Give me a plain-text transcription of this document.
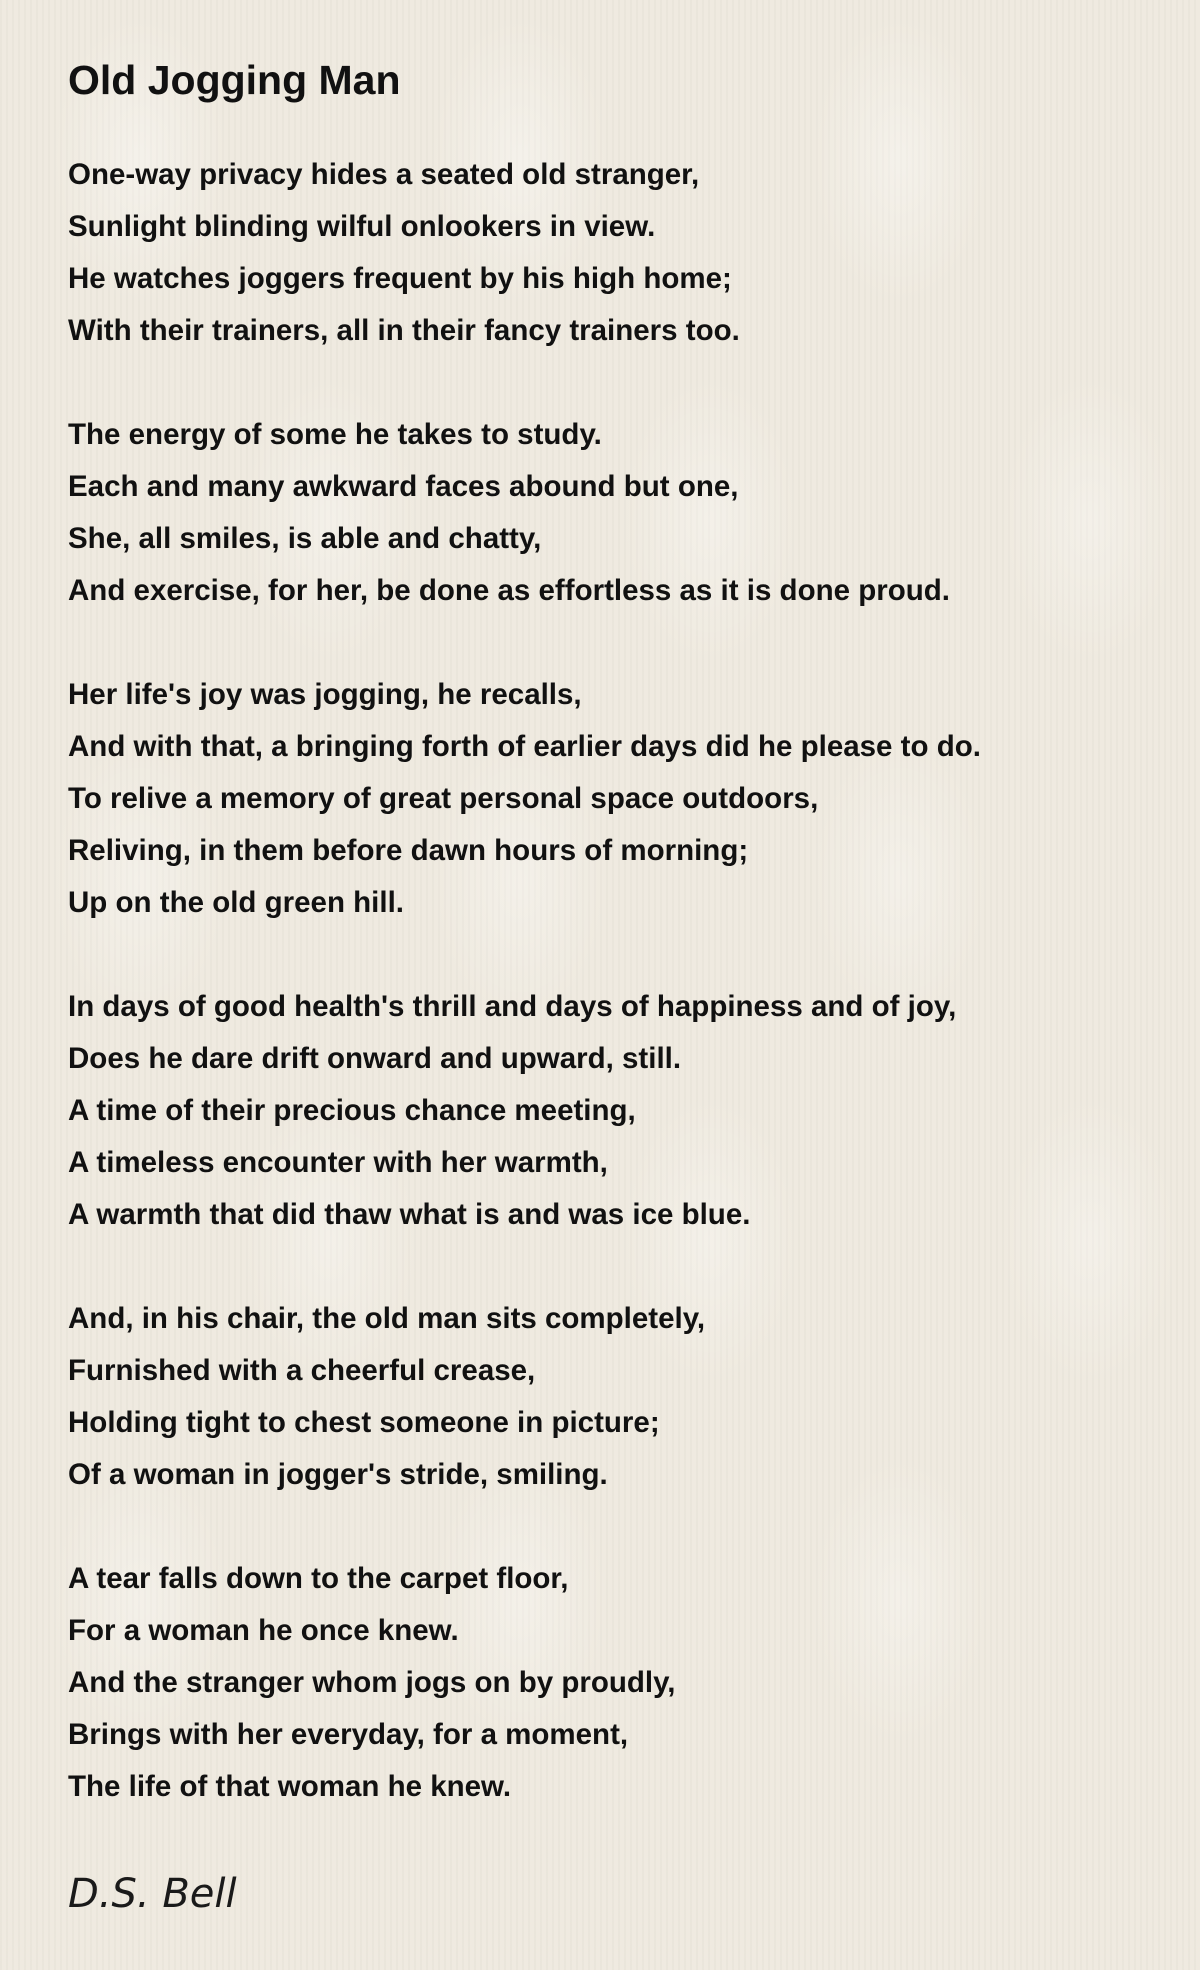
Old Jogging Man
One-way privacy hides a seated old stranger,
Sunlight blinding wilful onlookers in view.
He watches joggers frequent by his high home;
With their trainers, all in their fancy trainers too.
The energy of some he takes to study.
Each and many awkward faces abound but one,
She, all smiles, is able and chatty,
And exercise, for her, be done as effortless as it is done proud.
Her life's joy was jogging, he recalls,
And with that, a bringing forth of earlier days did he please to do.
To relive a memory of great personal space outdoors,
Reliving, in them before dawn hours of morning;
Up on the old green hill.
In days of good health's thrill and days of happiness and of joy,
Does he dare drift onward and upward, still.
A time of their precious chance meeting,
A timeless encounter with her warmth,
A warmth that did thaw what is and was ice blue.
And, in his chair, the old man sits completely,
Furnished with a cheerful crease,
Holding tight to chest someone in picture;
Of a woman in jogger's stride, smiling.
A tear falls down to the carpet floor,
For a woman he once knew.
And the stranger whom jogs on by proudly,
Brings with her everyday, for a moment,
The life of that woman he knew.
D.S. Bell
